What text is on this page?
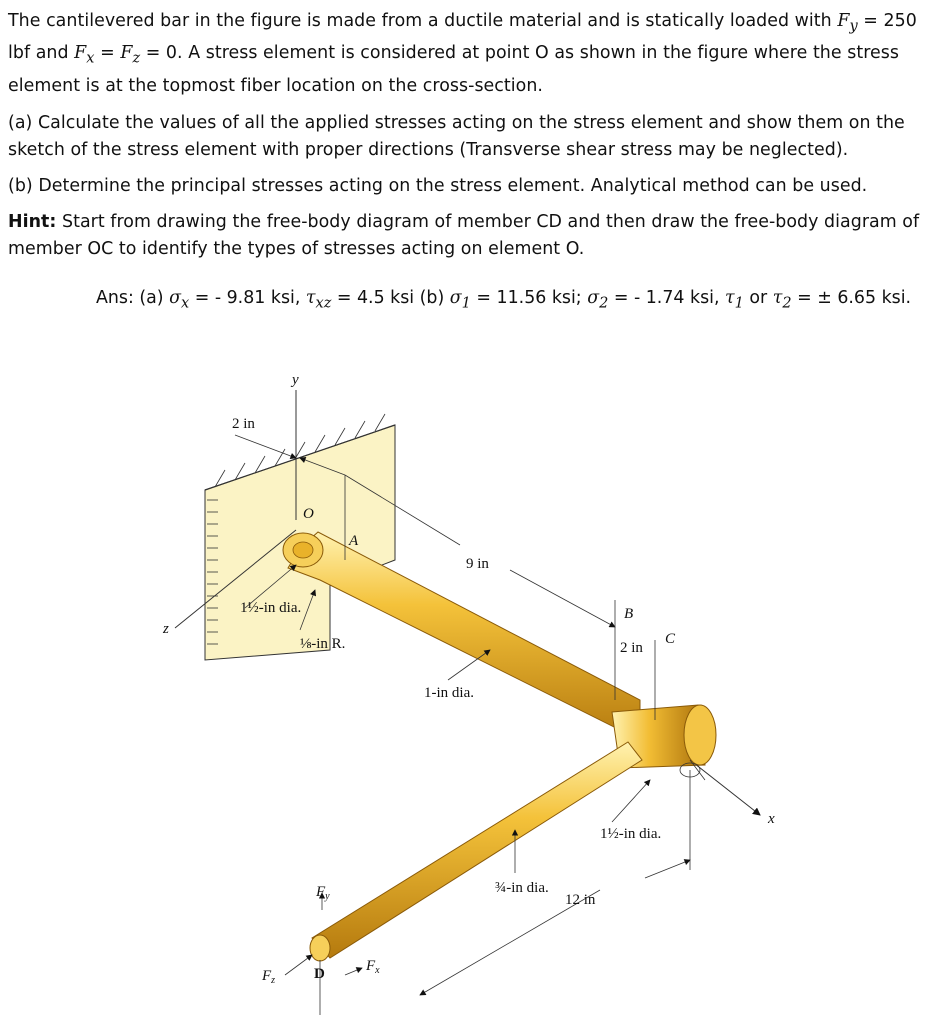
The cantilevered bar in the figure is made from a ductile material and is statically loaded with $F_y = 250$ lbf and $F_x = F_z = 0$. A stress element is considered at point O as shown in the figure where the stress element is at the topmost fiber location on the cross-section.
(a) Calculate the values of all the applied stresses acting on the stress element and show them on the sketch of the stress element with proper directions (Transverse shear stress may be neglected).
(b) Determine the principal stresses acting on the stress element. Analytical method can be used.
Hint: Start from drawing the free-body diagram of member CD and then draw the free-body diagram of member OC to identify the types of stresses acting on element O.
Ans: (a) $\sigma_x$ = - 9.81 ksi, $\tau_{xz} = 4.5$ ksi (b) $\sigma_1 = 11.56$ ksi; $\sigma_2$ = - 1.74 ksi, $\tau_1$ or $\tau_2$ = ± 6.65 ksi.
y
2 in
O
A
9 in
1½-in dia.
z
⅛-in R.
1-in dia.
B
2 in
C
x
1½-in dia.
$F_y$
¾-in dia.
12 in
$F_z$	D	$F_x$
